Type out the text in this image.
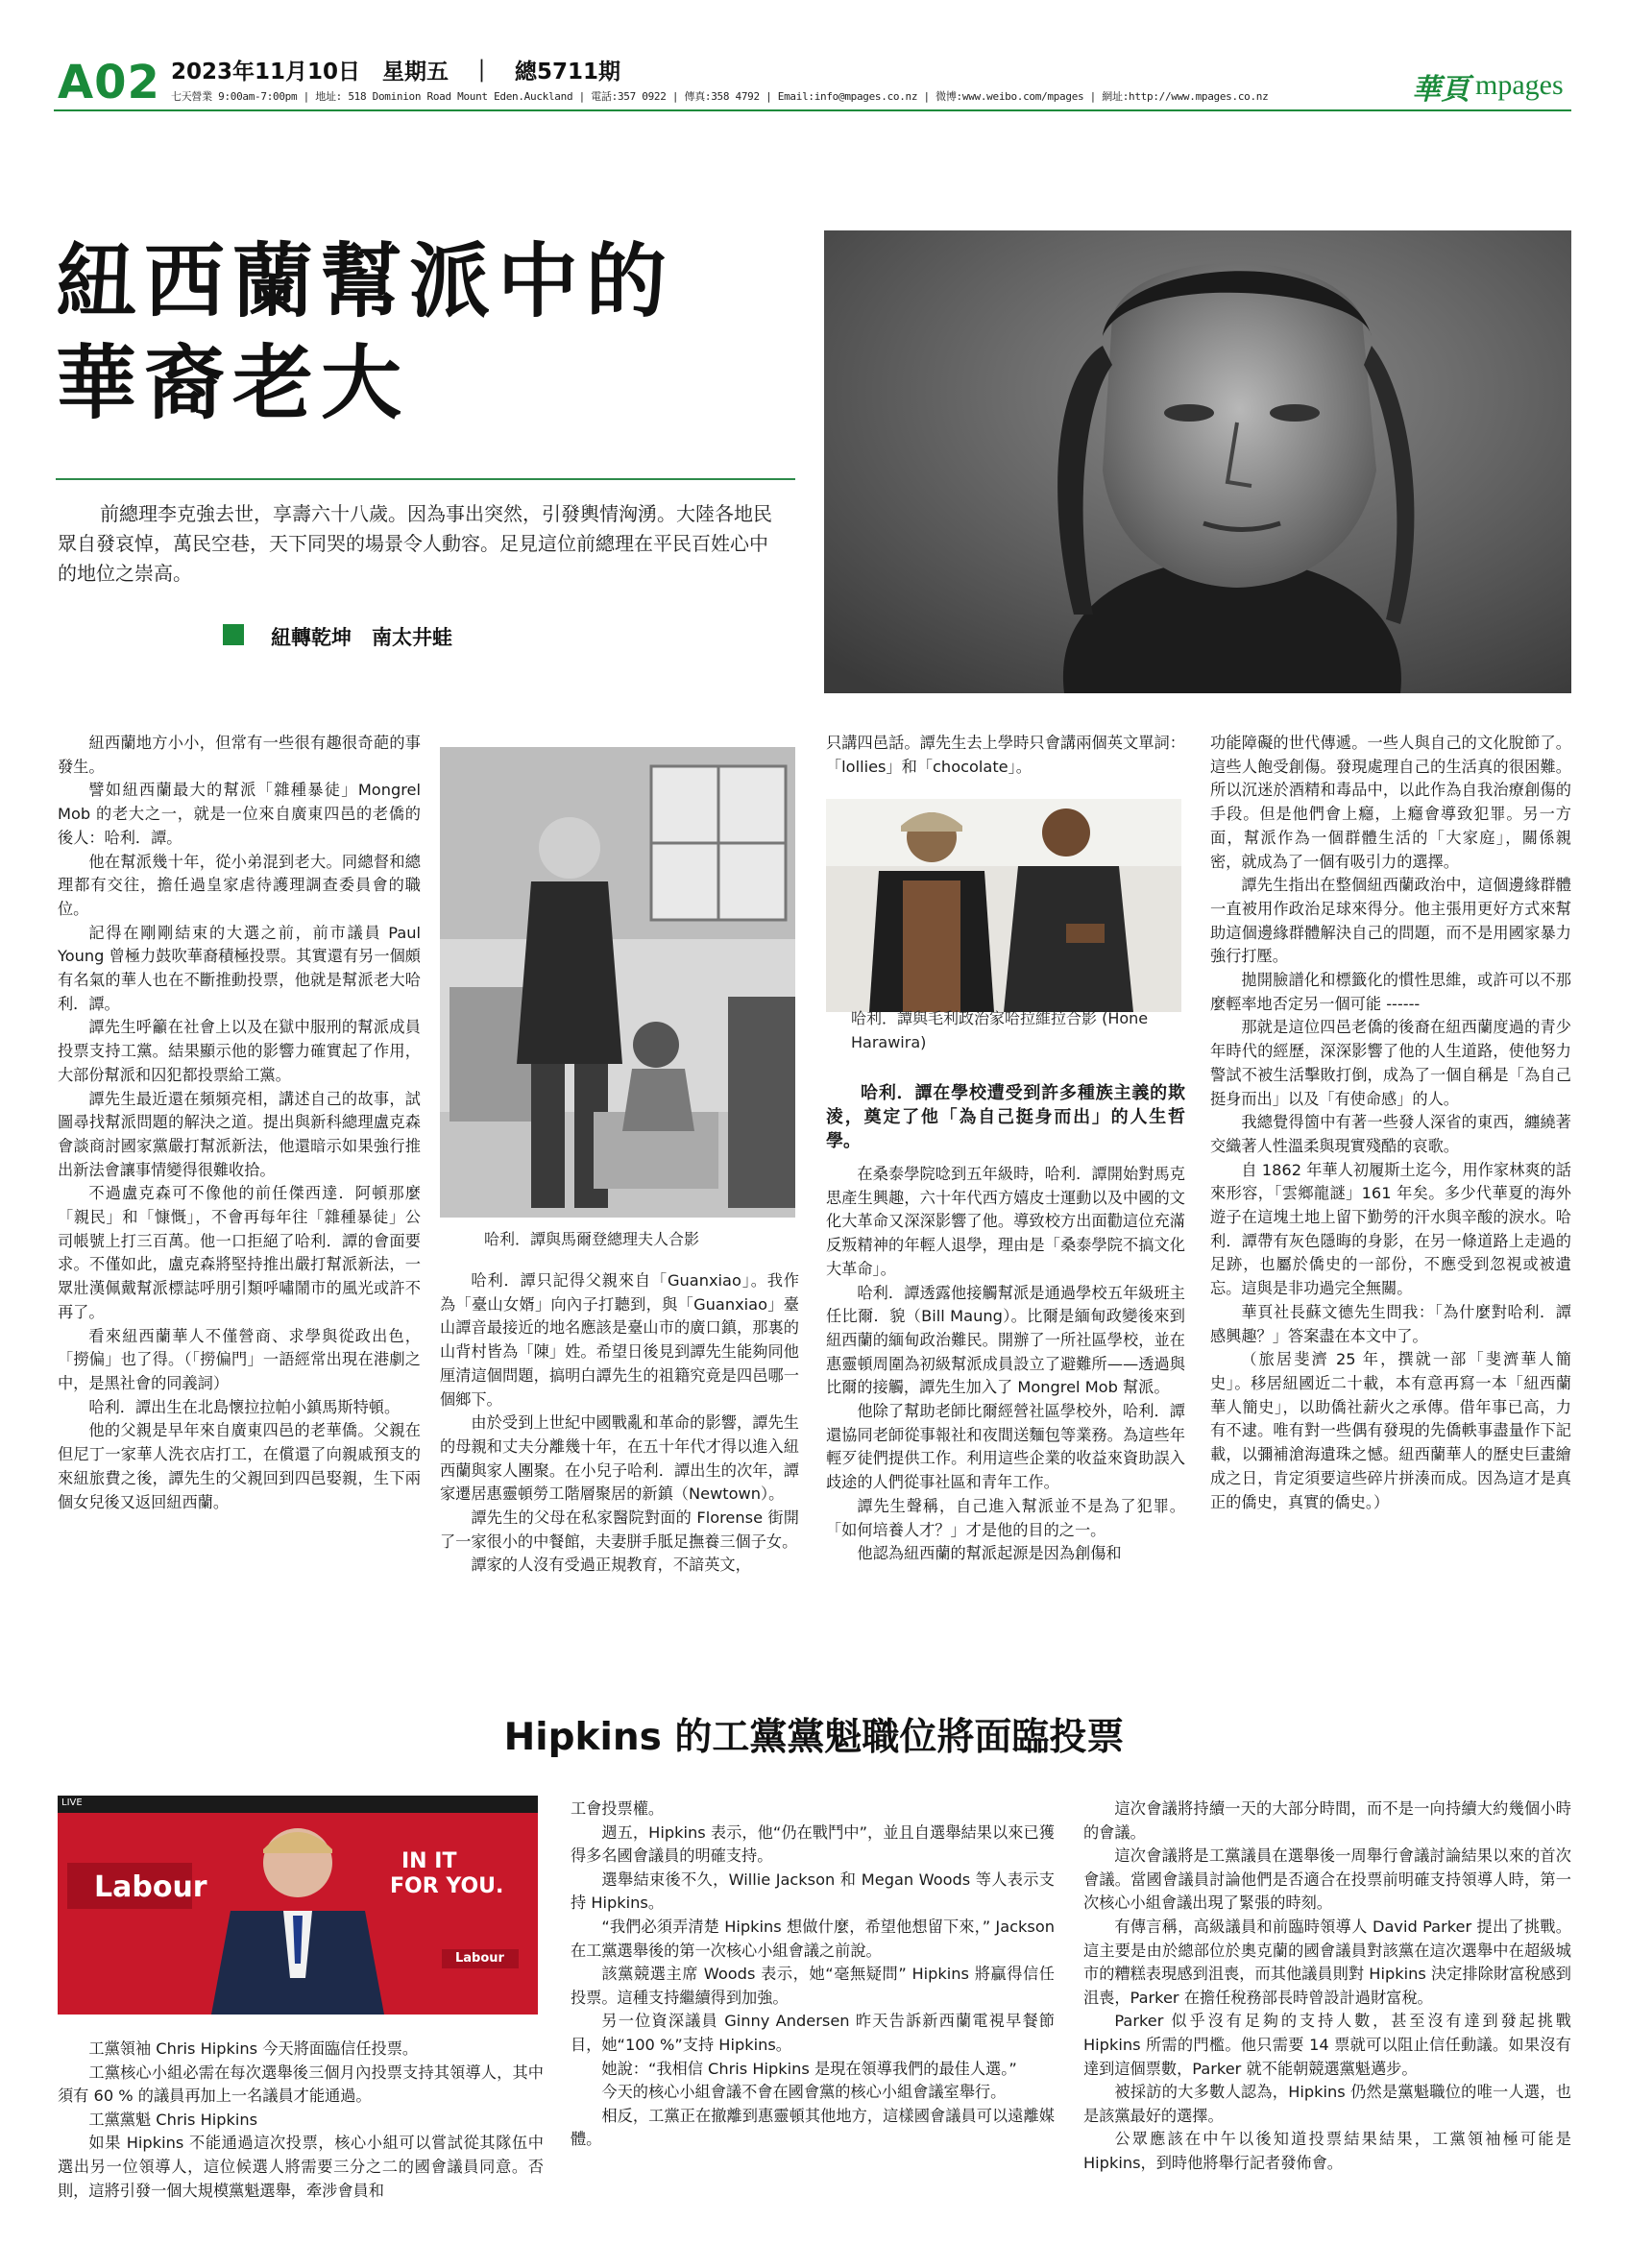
A02 2023年11月10日　星期五　｜　總5711期
七天營業 9:00am-7:00pm | 地址: 518 Dominion Road Mount Eden.Auckland | 電話:357 0922 | 傳真:358 4792 | Email:info@mpages.co.nz | 微博:www.weibo.com/mpages | 網址:http://www.mpages.co.nz	華頁 mpages
紐西蘭幫派中的
華裔老大

前總理李克強去世，享壽六十八歲。因為事出突然，引發輿情洶湧。大陸各地民眾自發哀悼，萬民空巷，天下同哭的場景令人動容。足見這位前總理在平民百姓心中的地位之崇高。

紐轉乾坤　南太井蛙

紐西蘭地方小小，但常有一些很有趣很奇葩的事發生。

譬如紐西蘭最大的幫派「雜種暴徒」Mongrel Mob 的老大之一，就是一位來自廣東四邑的老僑的後人：哈利．譚。

他在幫派幾十年，從小弟混到老大。同總督和總理都有交往，擔任過皇家虐待護理調查委員會的職位。

記得在剛剛結束的大選之前，前市議員 Paul Young 曾極力鼓吹華裔積極投票。其實還有另一個頗有名氣的華人也在不斷推動投票，他就是幫派老大哈利．譚。

譚先生呼籲在社會上以及在獄中服刑的幫派成員投票支持工黨。結果顯示他的影響力確實起了作用，大部份幫派和囚犯都投票給工黨。

譚先生最近還在頻頻亮相，講述自己的故事，試圖尋找幫派問題的解決之道。提出與新科總理盧克森會談商討國家黨嚴打幫派新法，他還暗示如果強行推出新法會讓事情變得很難收拾。

不過盧克森可不像他的前任傑西達．阿頓那麼「親民」和「慷慨」，不會再每年往「雜種暴徒」公司帳號上打三百萬。他一口拒絕了哈利．譚的會面要求。不僅如此，盧克森將堅持推出嚴打幫派新法，一眾壯漢佩戴幫派標誌呼朋引類呼嘯鬧市的風光或許不再了。

看來紐西蘭華人不僅營商、求學與從政出色，「撈偏」也了得。（「撈偏門」一語經常出現在港劇之中，是黑社會的同義詞）

哈利．譚出生在北島懷拉拉帕小鎮馬斯特頓。

他的父親是早年來自廣東四邑的老華僑。父親在但尼丁一家華人洗衣店打工，在償還了向親戚預支的來紐旅費之後，譚先生的父親回到四邑娶親，生下兩個女兒後又返回紐西蘭。

哈利．譚與馬爾登總理夫人合影

哈利．譚只記得父親來自「Guanxiao」。我作為「臺山女婿」向內子打聽到，與「Guanxiao」臺山譚音最接近的地名應該是臺山市的廣口鎮，那裏的山背村皆為「陳」姓。希望日後見到譚先生能夠同他厘清這個問題，搞明白譚先生的祖籍究竟是四邑哪一個鄉下。

由於受到上世紀中國戰亂和革命的影響，譚先生的母親和丈夫分離幾十年，在五十年代才得以進入紐西蘭與家人團聚。在小兒子哈利．譚出生的次年，譚家遷居惠靈頓勞工階層聚居的新鎮（Newtown）。

譚先生的父母在私家醫院對面的 Florense 街開了一家很小的中餐館，夫妻胼手胝足撫養三個子女。

譚家的人沒有受過正規教育，不諳英文，

只講四邑話。譚先生去上學時只會講兩個英文單詞：「lollies」和「chocolate」。

哈利．譚與毛利政治家哈拉維拉合影 (Hone Harawira)

哈利．譚在學校遭受到許多種族主義的欺淩，奠定了他「為自己挺身而出」的人生哲學。

在桑泰學院唸到五年級時，哈利．譚開始對馬克思產生興趣，六十年代西方嬉皮士運動以及中國的文化大革命又深深影響了他。導致校方出面勸這位充滿反叛精神的年輕人退學，理由是「桑泰學院不搞文化大革命」。

哈利．譚透露他接觸幫派是通過學校五年級班主任比爾．貌（Bill Maung）。比爾是緬甸政變後來到紐西蘭的緬甸政治難民。開辦了一所社區學校，並在惠靈頓周圍為初級幫派成員設立了避難所——透過與比爾的接觸，譚先生加入了 Mongrel Mob 幫派。

他除了幫助老師比爾經營社區學校外，哈利．譚還協同老師從事報社和夜間送麵包等業務。為這些年輕歹徒們提供工作。利用這些企業的收益來資助誤入歧途的人們從事社區和青年工作。

譚先生聲稱，自己進入幫派並不是為了犯罪。「如何培養人才？」才是他的目的之一。

他認為紐西蘭的幫派起源是因為創傷和

功能障礙的世代傳遞。一些人與自己的文化脫節了。這些人飽受創傷。發現處理自己的生活真的很困難。所以沉迷於酒精和毒品中，以此作為自我治療創傷的手段。但是他們會上癮，上癮會導致犯罪。另一方面，幫派作為一個群體生活的「大家庭」，關係親密，就成為了一個有吸引力的選擇。

譚先生指出在整個紐西蘭政治中，這個邊緣群體一直被用作政治足球來得分。他主張用更好方式來幫助這個邊緣群體解決自己的問題，而不是用國家暴力強行打壓。

拋開臉譜化和標籤化的慣性思維，或許可以不那麼輕率地否定另一個可能 ------

那就是這位四邑老僑的後裔在紐西蘭度過的青少年時代的經歷，深深影響了他的人生道路，使他努力警試不被生活擊敗打倒，成為了一個自稱是「為自己挺身而出」以及「有使命感」的人。

我總覺得箇中有著一些發人深省的東西，纏繞著交織著人性溫柔與現實殘酷的哀歌。

自 1862 年華人初履斯土迄今，用作家林爽的話來形容，「雲鄉龍謎」161 年矣。多少代華夏的海外遊子在這塊土地上留下勤勞的汗水與辛酸的淚水。哈利．譚帶有灰色隱晦的身影，在另一條道路上走過的足跡，也屬於僑史的一部份，不應受到忽視或被遺忘。這與是非功過完全無關。

華頁社長蘇文德先生問我：「為什麼對哈利．譚感興趣？」答案盡在本文中了。

（旅居斐濟 25 年，撰就一部「斐濟華人簡史」。移居紐國近二十載，本有意再寫一本「紐西蘭華人簡史」，以助僑社薪火之承傳。借年事已高，力有不逮。唯有對一些偶有發現的先僑軼事盡量作下記載，以彌補滄海遺珠之憾。紐西蘭華人的歷史巨畫繪成之日，肯定須要這些碎片拼湊而成。因為這才是真正的僑史，真實的僑史。）

Hipkins 的工黨黨魁職位將面臨投票
LIVE
Labour
IN IT
FOR YOU.
Labour

工黨領袖 Chris Hipkins 今天將面臨信任投票。

工黨核心小組必需在每次選舉後三個月內投票支持其領導人，其中須有 60 % 的議員再加上一名議員才能通過。

工黨黨魁 Chris Hipkins

如果 Hipkins 不能通過這次投票，核心小組可以嘗試從其隊伍中選出另一位領導人，這位候選人將需要三分之二的國會議員同意。否則，這將引發一個大規模黨魁選舉，牽涉會員和

工會投票權。

週五，Hipkins 表示，他“仍在戰鬥中”，並且自選舉結果以來已獲得多名國會議員的明確支持。

選舉結束後不久，Willie Jackson 和 Megan Woods 等人表示支持 Hipkins。

“我們必須弄清楚 Hipkins 想做什麼，希望他想留下來，” Jackson 在工黨選舉後的第一次核心小組會議之前說。

該黨競選主席 Woods 表示，她“毫無疑問” Hipkins 將贏得信任投票。這種支持繼續得到加強。

另一位資深議員 Ginny Andersen 昨天告訴新西蘭電視早餐節目，她“100 %”支持 Hipkins。

她說：“我相信 Chris Hipkins 是現在領導我們的最佳人選。”

今天的核心小組會議不會在國會黨的核心小組會議室舉行。

相反，工黨正在撤離到惠靈頓其他地方，這樣國會議員可以遠離媒體。

這次會議將持續一天的大部分時間，而不是一向持續大約幾個小時的會議。

這次會議將是工黨議員在選舉後一周舉行會議討論結果以來的首次會議。當國會議員討論他們是否適合在投票前明確支持領導人時，第一次核心小組會議出現了緊張的時刻。

有傳言稱，高級議員和前臨時領導人 David Parker 提出了挑戰。這主要是由於總部位於奧克蘭的國會議員對該黨在這次選舉中在超級城市的糟糕表現感到沮喪，而其他議員則對 Hipkins 決定排除財富稅感到沮喪，Parker 在擔任稅務部長時曾設計過財富稅。

Parker 似乎沒有足夠的支持人數，甚至沒有達到發起挑戰 Hipkins 所需的門檻。他只需要 14 票就可以阻止信任動議。如果沒有達到這個票數，Parker 就不能朝競選黨魁邁步。

被採訪的大多數人認為，Hipkins 仍然是黨魁職位的唯一人選，也是該黨最好的選擇。

公眾應該在中午以後知道投票結果結果，工黨領袖極可能是 Hipkins，到時他將舉行記者發佈會。
